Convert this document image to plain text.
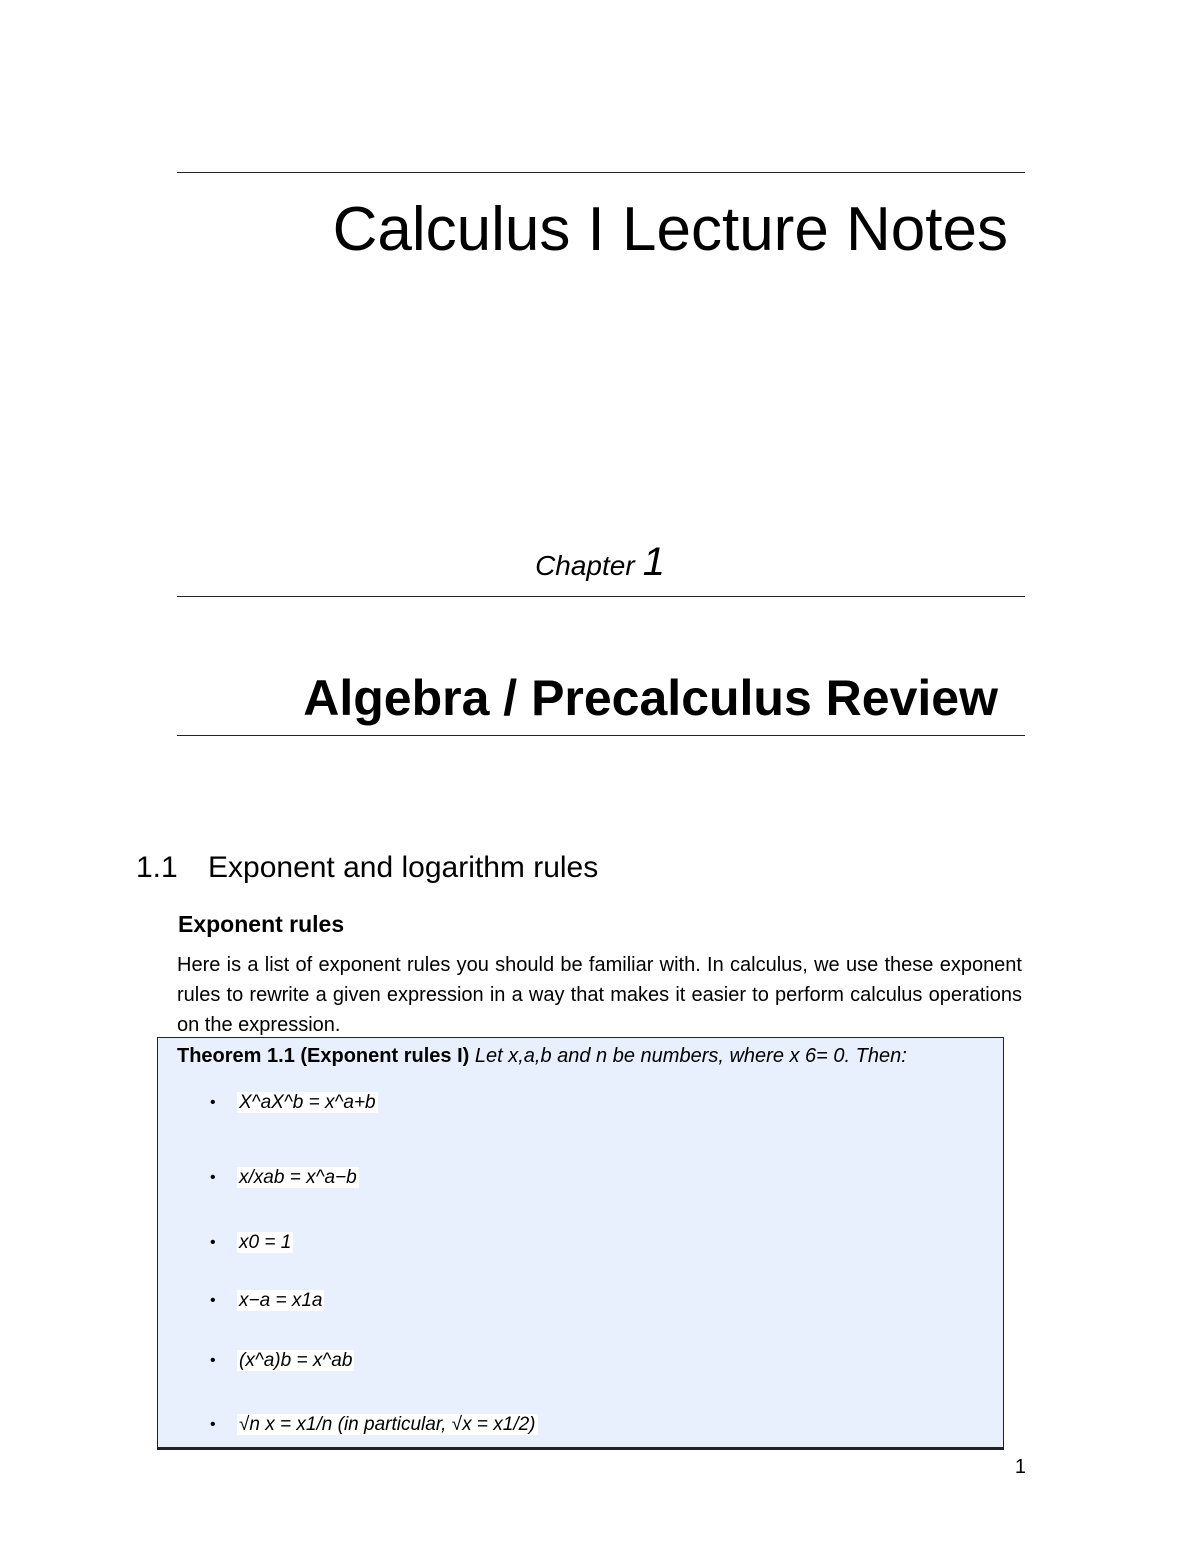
Calculus I Lecture Notes
Chapter 1
Algebra / Precalculus Review
1.1 Exponent and logarithm rules
Exponent rules
Here is a list of exponent rules you should be familiar with. In calculus, we use these exponent rules to rewrite a given expression in a way that makes it easier to perform calculus operations on the expression.
Theorem 1.1 (Exponent rules I) Let x,a,b and n be numbers, where x 6= 0. Then:
• X^aX^b = x^a+b
• x/xab = x^a−b
• x0 = 1
• x−a = x1a
• (x^a)b = x^ab
• √n x = x1/n (in particular, √x = x1/2)
1
